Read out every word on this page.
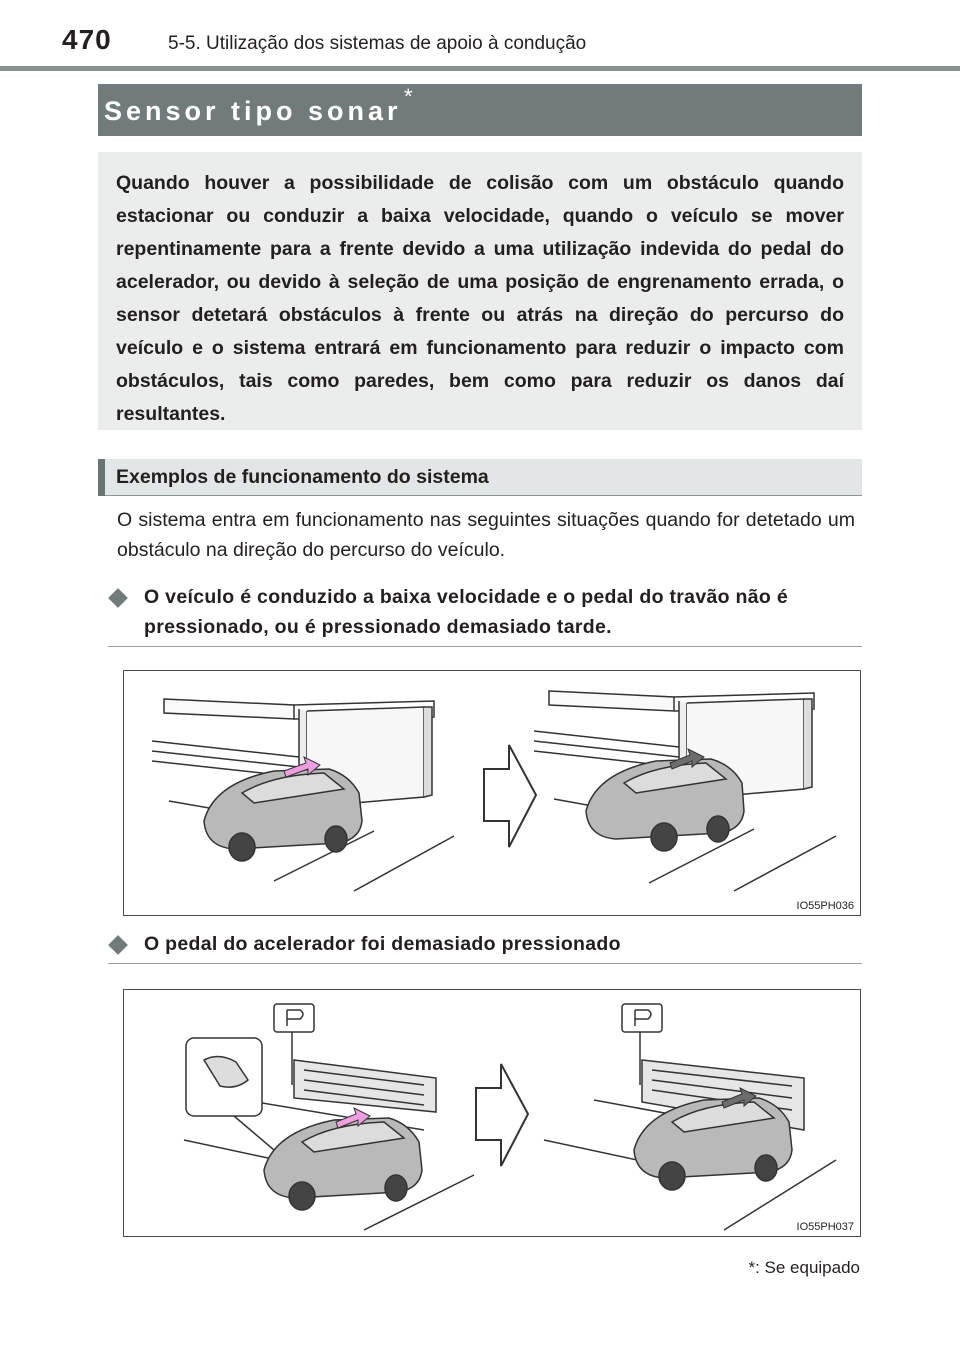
470	5-5. Utilização dos sistemas de apoio à condução
Sensor tipo sonar *

Quando houver a possibilidade de colisão com um obstáculo quando estacionar ou conduzir a baixa velocidade, quando o veículo se mover repentinamente para a frente devido a uma utilização indevida do pedal do acelerador, ou devido à seleção de uma posição de engrenamento errada, o sensor detetará obstáculos à frente ou atrás na direção do percurso do veículo e o sistema entrará em funcionamento para reduzir o impacto com obstáculos, tais como paredes, bem como para reduzir os danos daí resultantes.

Exemplos de funcionamento do sistema

O sistema entra em funcionamento nas seguintes situações quando for detetado um obstáculo na direção do percurso do veículo.

O veículo é conduzido a baixa velocidade e o pedal do travão não é pressionado, ou é pressionado demasiado tarde.

IO55PH036

O pedal do acelerador foi demasiado pressionado

IO55PH037
*: Se equipado
